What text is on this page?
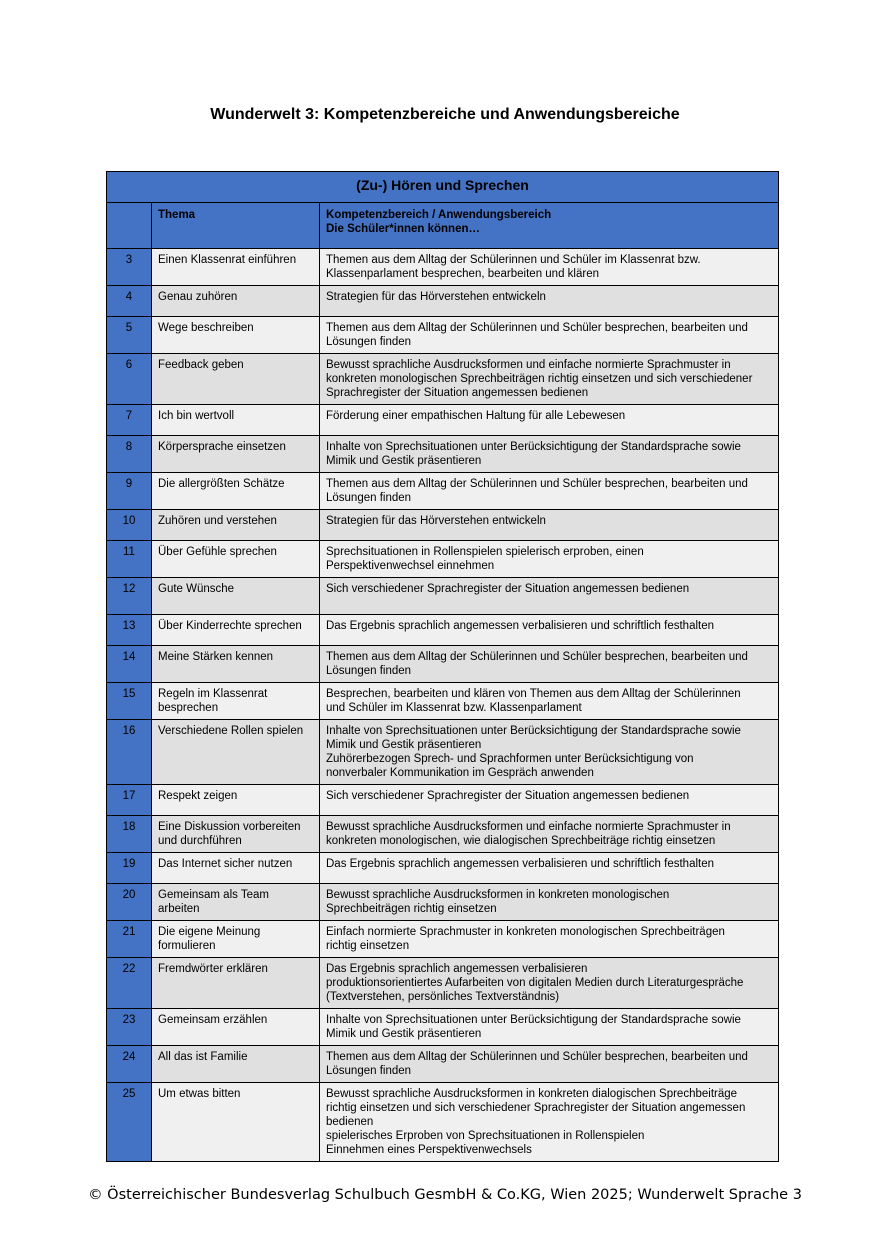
Wunderwelt 3: Kompetenzbereiche und Anwendungsbereiche
(Zu-) Hören und Sprechen		
	Thema	Kompetenzbereich / Anwendungsbereich
Die Schüler*innen können…
3	Einen Klassenrat einführen	Themen aus dem Alltag der Schülerinnen und Schüler im Klassenrat bzw.
Klassenparlament besprechen, bearbeiten und klären
4	Genau zuhören	Strategien für das Hörverstehen entwickeln
5	Wege beschreiben	Themen aus dem Alltag der Schülerinnen und Schüler besprechen, bearbeiten und
Lösungen finden
6	Feedback geben	Bewusst sprachliche Ausdrucksformen und einfache normierte Sprachmuster in
konkreten monologischen Sprechbeiträgen richtig einsetzen und sich verschiedener
Sprachregister der Situation angemessen bedienen
7	Ich bin wertvoll	Förderung einer empathischen Haltung für alle Lebewesen
8	Körpersprache einsetzen	Inhalte von Sprechsituationen unter Berücksichtigung der Standardsprache sowie
Mimik und Gestik präsentieren
9	Die allergrößten Schätze	Themen aus dem Alltag der Schülerinnen und Schüler besprechen, bearbeiten und
Lösungen finden
10	Zuhören und verstehen	Strategien für das Hörverstehen entwickeln
11	Über Gefühle sprechen	Sprechsituationen in Rollenspielen spielerisch erproben, einen
Perspektivenwechsel einnehmen
12	Gute Wünsche	Sich verschiedener Sprachregister der Situation angemessen bedienen
13	Über Kinderrechte sprechen	Das Ergebnis sprachlich angemessen verbalisieren und schriftlich festhalten
14	Meine Stärken kennen	Themen aus dem Alltag der Schülerinnen und Schüler besprechen, bearbeiten und
Lösungen finden
15	Regeln im Klassenrat
besprechen	Besprechen, bearbeiten und klären von Themen aus dem Alltag der Schülerinnen
und Schüler im Klassenrat bzw. Klassenparlament
16	Verschiedene Rollen spielen	Inhalte von Sprechsituationen unter Berücksichtigung der Standardsprache sowie
Mimik und Gestik präsentieren
Zuhörerbezogen Sprech- und Sprachformen unter Berücksichtigung von
nonverbaler Kommunikation im Gespräch anwenden
17	Respekt zeigen	Sich verschiedener Sprachregister der Situation angemessen bedienen
18	Eine Diskussion vorbereiten
und durchführen	Bewusst sprachliche Ausdrucksformen und einfache normierte Sprachmuster in
konkreten monologischen, wie dialogischen Sprechbeiträge richtig einsetzen
19	Das Internet sicher nutzen	Das Ergebnis sprachlich angemessen verbalisieren und schriftlich festhalten
20	Gemeinsam als Team
arbeiten	Bewusst sprachliche Ausdrucksformen in konkreten monologischen
Sprechbeiträgen richtig einsetzen
21	Die eigene Meinung
formulieren	Einfach normierte Sprachmuster in konkreten monologischen Sprechbeiträgen
richtig einsetzen
22	Fremdwörter erklären	Das Ergebnis sprachlich angemessen verbalisieren
produktionsorientiertes Aufarbeiten von digitalen Medien durch Literaturgespräche
(Textverstehen, persönliches Textverständnis)
23	Gemeinsam erzählen	Inhalte von Sprechsituationen unter Berücksichtigung der Standardsprache sowie
Mimik und Gestik präsentieren
24	All das ist Familie	Themen aus dem Alltag der Schülerinnen und Schüler besprechen, bearbeiten und
Lösungen finden
25	Um etwas bitten	Bewusst sprachliche Ausdrucksformen in konkreten dialogischen Sprechbeiträge
richtig einsetzen und sich verschiedener Sprachregister der Situation angemessen
bedienen
spielerisches Erproben von Sprechsituationen in Rollenspielen
Einnehmen eines Perspektivenwechsels
© Österreichischer Bundesverlag Schulbuch GesmbH & Co.KG, Wien 2025; Wunderwelt Sprache 3
